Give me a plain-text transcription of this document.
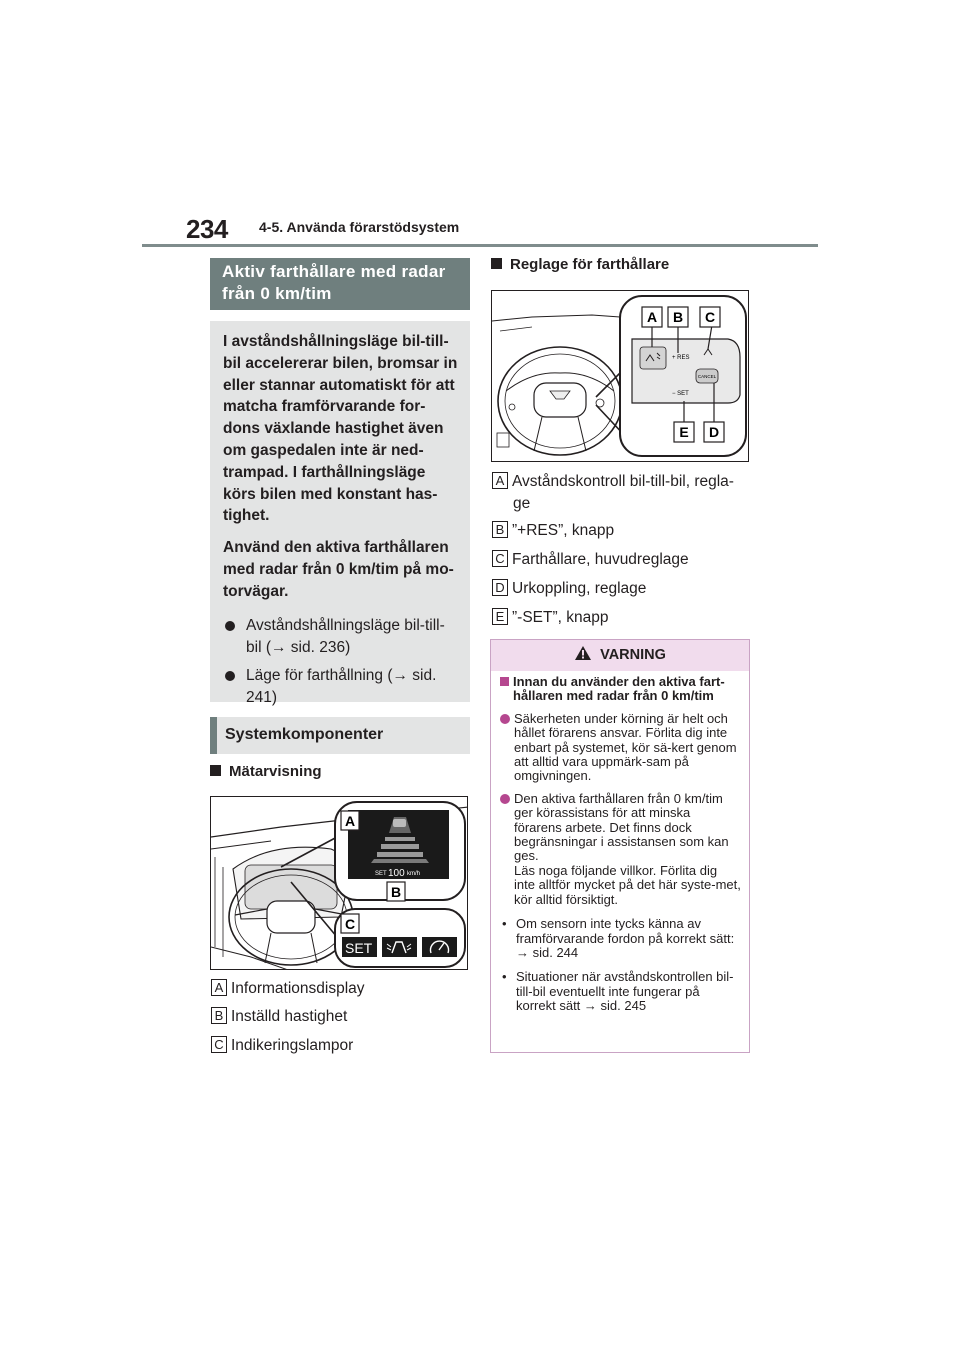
234 4-5. Använda förarstödsystem
Aktiv farthållare med radar från 0 km/tim

I avståndshållningsläge bil-till-bil accelererar bilen, bromsar in eller stannar automatiskt för att matcha framförvarande for-dons växlande hastighet även om gaspedalen inte är ned-trampad. I farthållningsläge körs bilen med konstant has-tighet.

Använd den aktiva farthållaren med radar från 0 km/tim på mo-torvägar.

Avståndshållningsläge bil-till-bil (→ sid. 236)
Läge för farthållning (→ sid. 241)
Systemkomponenter
Mätarvisning
SET 100 km/h
SET
A
B
C
A Informationsdisplay
B Inställd hastighet
C Indikeringslampor
Reglage för farthållare
+ RES
− SET
CANCEL
A B C
D
E
A Avståndskontroll bil-till-bil, regla-ge
B ”+RES”, knapp
C Farthållare, huvudreglage
D Urkoppling, reglage
E ”-SET”, knapp
VARNING
Innan du använder den aktiva fart-hållaren med radar från 0 km/tim
Säkerheten under körning är helt och hållet förarens ansvar. Förlita dig inte enbart på systemet, kör sä-kert genom att alltid vara uppmärk-sam på omgivningen.
Den aktiva farthållaren från 0 km/tim ger körassistans för att minska förarens arbete. Det finns dock begränsningar i assistansen som kan ges.
Läs noga följande villkor. Förlita dig inte alltför mycket på det här syste-met, kör alltid försiktigt.
• Om sensorn inte tycks känna av framförvarande fordon på korrekt sätt: → sid. 244
• Situationer när avståndskontrollen bil-till-bil eventuellt inte fungerar på korrekt sätt → sid. 245
